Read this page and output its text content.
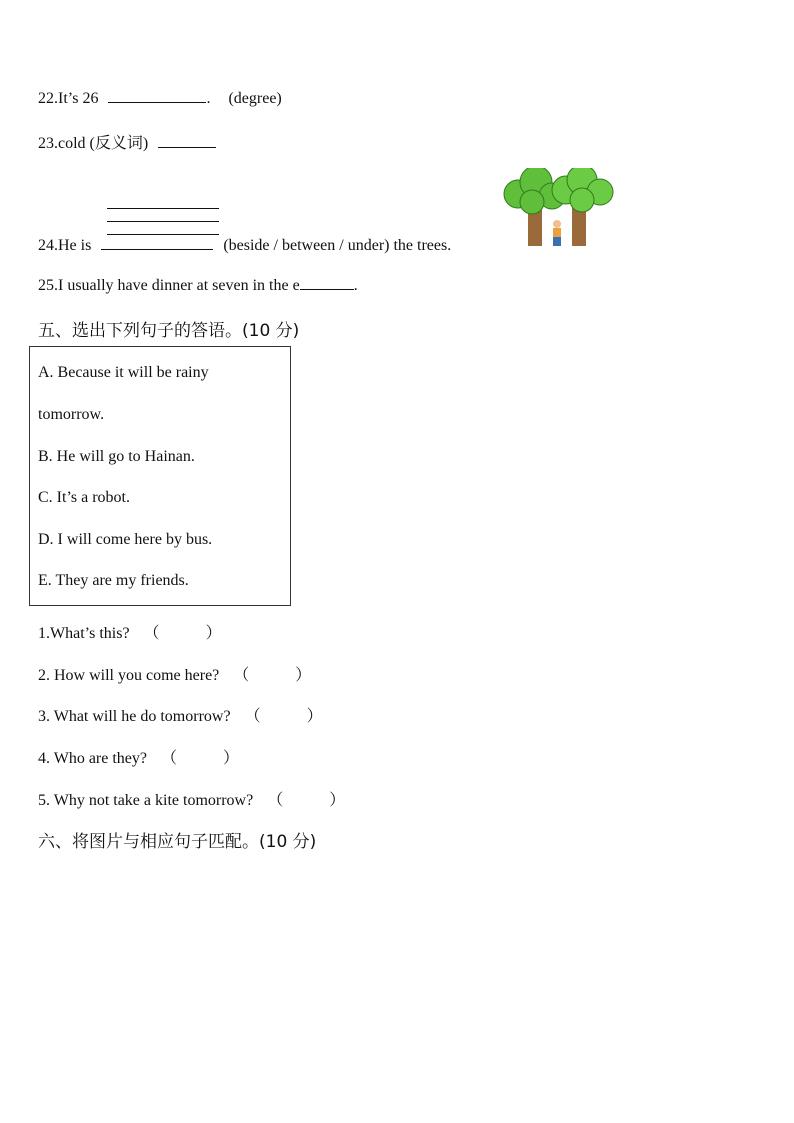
22.It’s 26	. (degree)
23.cold (反义词)
24.He is	(beside / between / under) the trees.
25.I usually have dinner at seven in the e	.
五、选出下列句子的答语。(10 分)
A. Because it will be rainy
tomorrow.
B. He will go to Hainan.
C. It’s a robot.
D. I will come here by bus.
E. They are my friends.
1.What’s this? （	）
2. How will you come here? （	）
3. What will he do tomorrow? （	）
4. Who are they? （	）
5. Why not take a kite tomorrow? （	）
六、将图片与相应句子匹配。(10 分)
